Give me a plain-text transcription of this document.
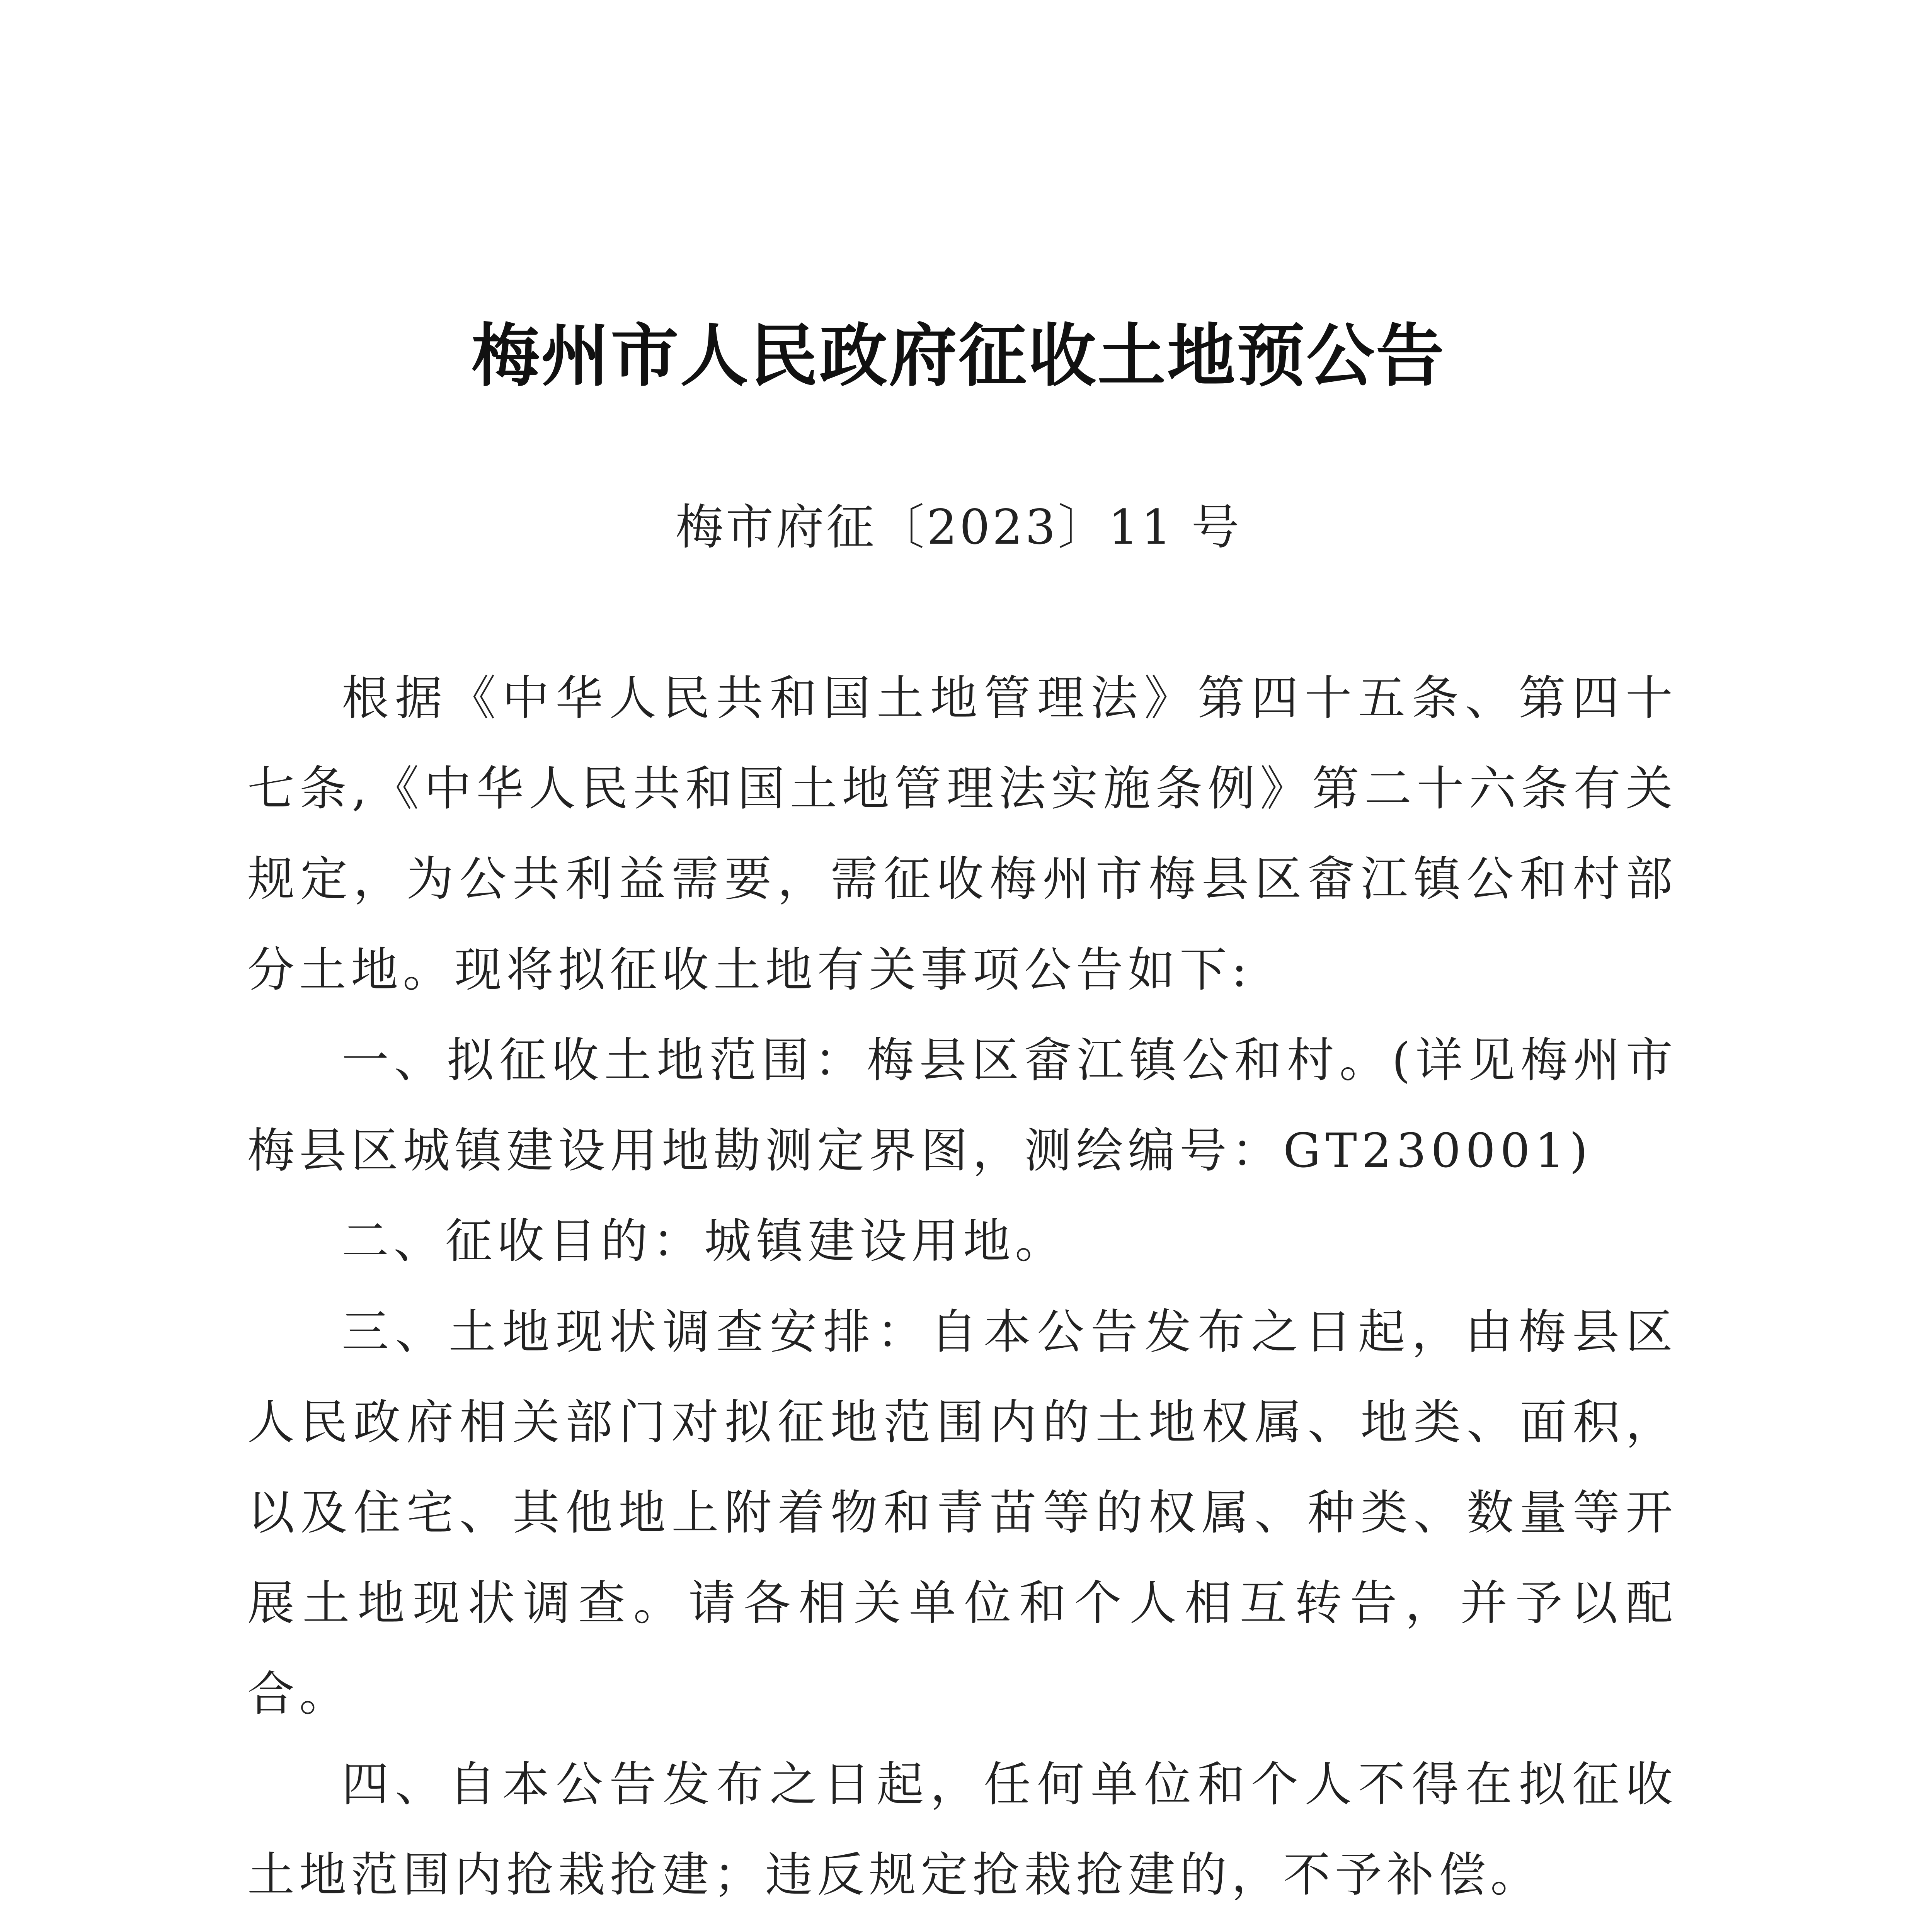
梅州市人民政府征收土地预公告
梅市府征〔2023〕11 号

根据《中华人民共和国土地管理法》第四十五条、第四十七条,《中华人民共和国土地管理法实施条例》第二十六条有关规定，为公共利益需要，需征收梅州市梅县区畲江镇公和村部分土地。现将拟征收土地有关事项公告如下:

一、拟征收土地范围：梅县区畲江镇公和村。(详见梅州市梅县区城镇建设用地勘测定界图，测绘编号：GT230001)

二、征收目的：城镇建设用地。

三、土地现状调查安排：自本公告发布之日起，由梅县区人民政府相关部门对拟征地范围内的土地权属、地类、面积，以及住宅、其他地上附着物和青苗等的权属、种类、数量等开展土地现状调查。请各相关单位和个人相互转告，并予以配合。

四、自本公告发布之日起，任何单位和个人不得在拟征收土地范围内抢栽抢建；违反规定抢栽抢建的，不予补偿。
